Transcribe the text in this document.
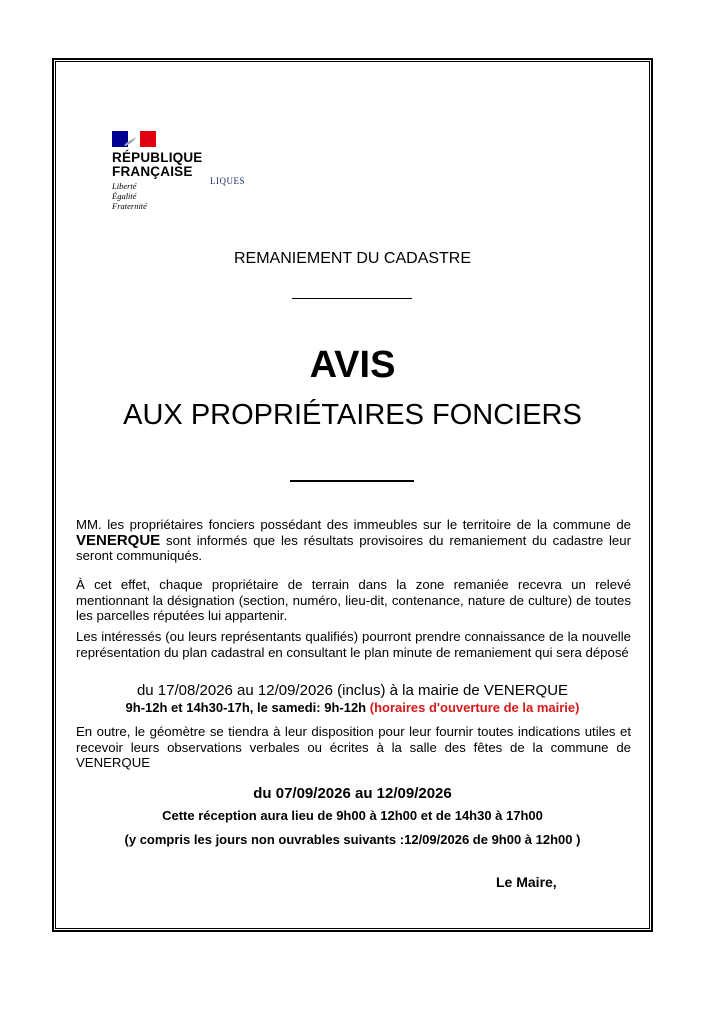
RÉPUBLIQUE
FRANÇAISE
Liberté
Égalité
Fraternité
LIQUES
REMANIEMENT DU CADASTRE
AVIS
AUX PROPRIÉTAIRES FONCIERS
MM. les propriétaires fonciers possédant des immeubles sur le territoire de la commune de VENERQUE sont informés que les résultats provisoires du remaniement du cadastre leur seront communiqués.
À cet effet, chaque propriétaire de terrain dans la zone remaniée recevra un relevé mentionnant la désignation (section, numéro, lieu-dit, contenance, nature de culture) de toutes les parcelles réputées lui appartenir.
Les intéressés (ou leurs représentants qualifiés) pourront prendre connaissance de la nouvelle représentation du plan cadastral en consultant le plan minute de remaniement qui sera déposé
du 17/08/2026 au 12/09/2026 (inclus) à la mairie de VENERQUE
9h-12h et 14h30-17h, le samedi: 9h-12h (horaires d'ouverture de la mairie)
En outre, le géomètre se tiendra à leur disposition pour leur fournir toutes indications utiles et recevoir leurs observations verbales ou écrites à la salle des fêtes de la commune de VENERQUE
du 07/09/2026 au 12/09/2026
Cette réception aura lieu de 9h00 à 12h00 et de 14h30 à 17h00
(y compris les jours non ouvrables suivants :12/09/2026 de 9h00 à 12h00 )
Le Maire,
